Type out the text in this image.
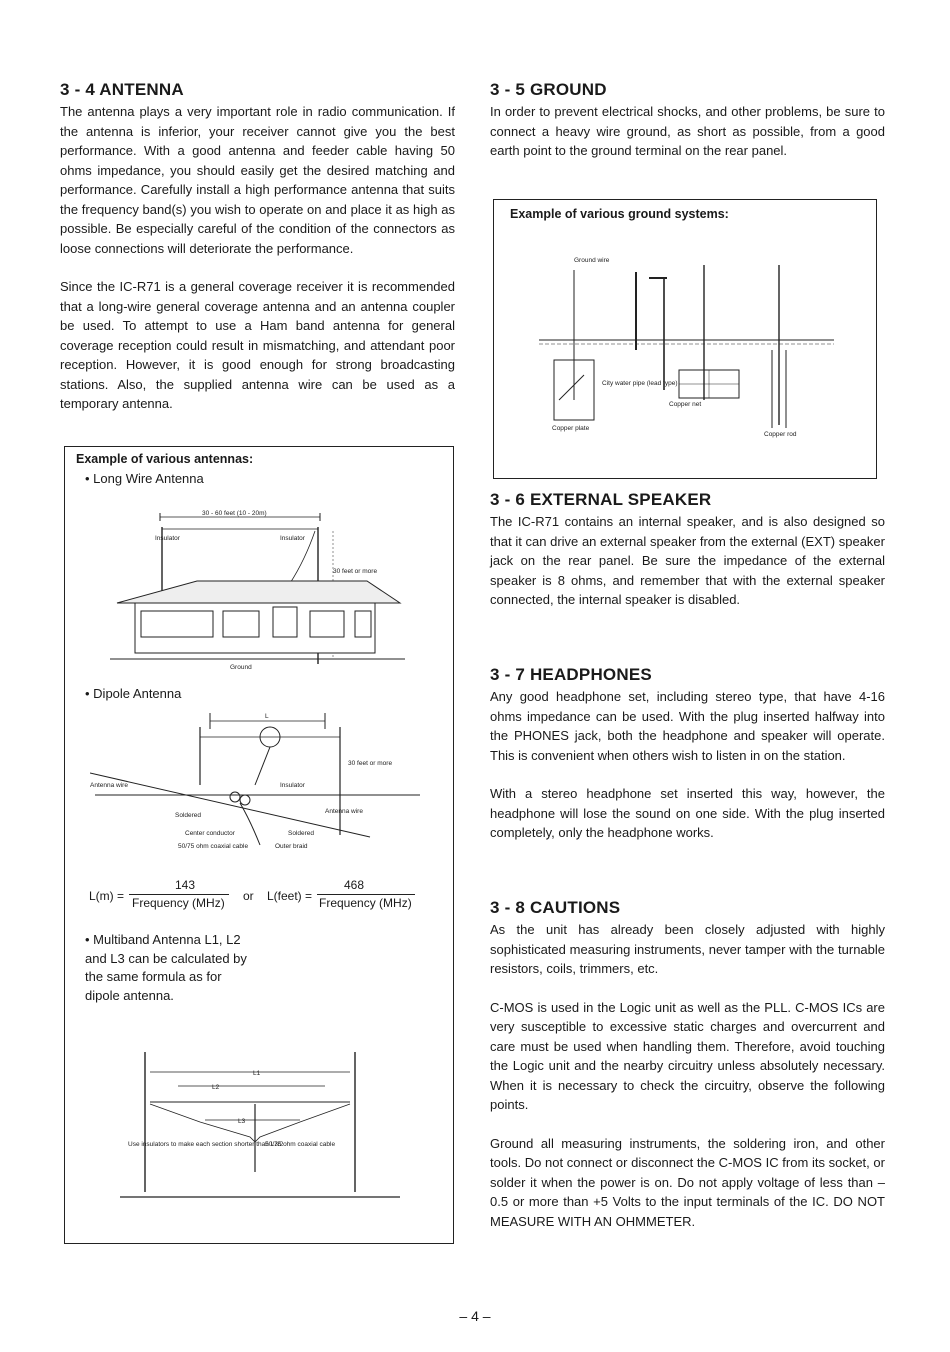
3 - 4 ANTENNA

The antenna plays a very important role in radio communication. If the antenna is inferior, your receiver cannot give you the best performance. With a good antenna and feeder cable having 50 ohms impedance, you should easily get the desired matching and performance. Carefully install a high performance antenna that suits the frequency band(s) you wish to operate on and place it as high as possible. Be especially careful of the condition of the connectors as loose connections will deteriorate the performance.

Since the IC-R71 is a general coverage receiver it is recommended that a long-wire general coverage antenna and an antenna coupler be used. To attempt to use a Ham band antenna for general coverage reception could result in mismatching, and attendant poor reception. However, it is good enough for strong broadcasting stations. Also, the supplied antenna wire can be used as a temporary antenna.

Example of various antennas:
• Long Wire Antenna
30 - 60 feet (10 - 20m)
Insulator	Insulator
30 feet or more
Ground
• Dipole Antenna
L
30 feet or more
Antenna wire	Insulator
Soldered
Antenna wire
Center conductor	Soldered
50/75 ohm coaxial cable	Outer braid
L(m) =
143
Frequency (MHz) or L(feet) =
468
Frequency (MHz)
• Multiband Antenna L1, L2 and L3 can be calculated by the same formula as for dipole antenna.
L1
L2
L3
Use insulators to make each section shorter than L3/2
50/75 ohm coaxial cable
3 - 5 GROUND

In order to prevent electrical shocks, and other problems, be sure to connect a heavy wire ground, as short as possible, from a good earth point to the ground terminal on the rear panel.

Example of various ground systems:
Ground wire
City water pipe (lead type)
Copper net
Copper plate
Copper rod
3 - 6 EXTERNAL SPEAKER

The IC-R71 contains an internal speaker, and is also designed so that it can drive an external speaker from the external (EXT) speaker jack on the rear panel. Be sure the impedance of the external speaker is 8 ohms, and remember that with the external speaker connected, the internal speaker is disabled.

3 - 7 HEADPHONES

Any good headphone set, including stereo type, that have 4-16 ohms impedance can be used. With the plug inserted halfway into the PHONES jack, both the headphone and speaker will operate. This is convenient when others wish to listen in on the station.

With a stereo headphone set inserted this way, however, the headphone will lose the sound on one side. With the plug inserted completely, only the headphone works.

3 - 8 CAUTIONS

As the unit has already been closely adjusted with highly sophisticated measuring instruments, never tamper with the turnable resistors, coils, trimmers, etc.

C-MOS is used in the Logic unit as well as the PLL. C-MOS ICs are very susceptible to excessive static charges and overcurrent and care must be used when handling them. Therefore, avoid touching the Logic unit and the nearby circuitry unless absolutely necessary. When it is necessary to check the circuitry, observe the following points.

Ground all measuring instruments, the soldering iron, and other tools. Do not connect or disconnect the C-MOS IC from its socket, or solder it when the power is on. Do not apply voltage of less than –0.5 or more than +5 Volts to the input terminals of the IC. DO NOT MEASURE WITH AN OHMMETER.

– 4 –
